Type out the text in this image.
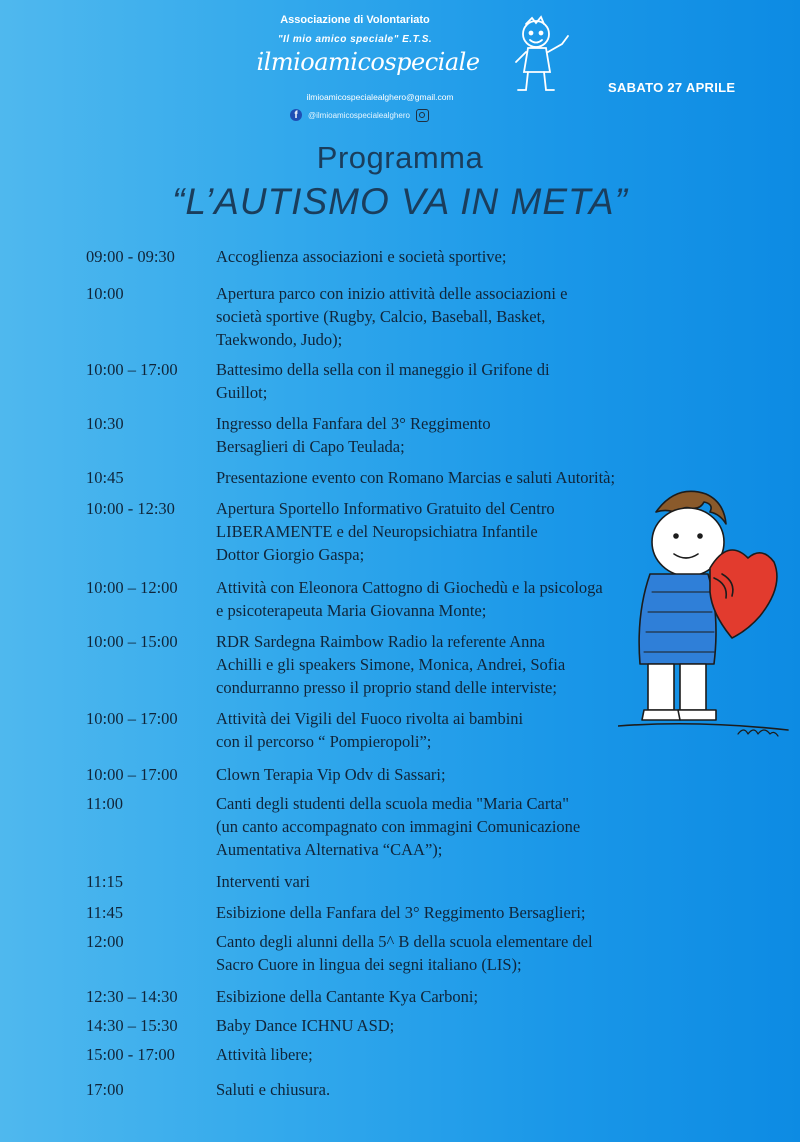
Associazione di Volontariato
"Il mio amico speciale" E.T.S.
ilmioamicospeciale
ilmioamicospecialealghero@gmail.com
f	@ilmioamicospecialealghero
SABATO 27 APRILE
Programma
“L’AUTISMO VA IN META”
09:00 - 09:30 Accoglienza associazioni e società sportive;
10:00	Apertura parco con inizio attività delle associazioni e
società sportive (Rugby, Calcio, Baseball, Basket,
Taekwondo, Judo);
10:00 – 17:00 Battesimo della sella con il maneggio il Grifone di
Guillot;
10:30	Ingresso della Fanfara del 3° Reggimento
Bersaglieri di Capo Teulada;
10:45	Presentazione evento con Romano Marcias e saluti Autorità;
10:00 - 12:30 Apertura Sportello Informativo Gratuito del Centro
LIBERAMENTE e del Neuropsichiatra Infantile
Dottor Giorgio Gaspa;
10:00 – 12:00 Attività con Eleonora Cattogno di Giochedù e la psicologa
e psicoterapeuta Maria Giovanna Monte;
10:00 – 15:00 RDR Sardegna Raimbow Radio la referente Anna
Achilli e gli speakers Simone, Monica, Andrei, Sofia
condurranno presso il proprio stand delle interviste;
10:00 – 17:00 Attività dei Vigili del Fuoco rivolta ai bambini
con il percorso “ Pompieropoli”;
10:00 – 17:00 Clown Terapia Vip Odv di Sassari;
11:00	Canti degli studenti della scuola media "Maria Carta"
(un canto accompagnato con immagini Comunicazione
Aumentativa Alternativa “CAA”);
11:15	Interventi vari
11:45	Esibizione della Fanfara del 3° Reggimento Bersaglieri;
12:00	Canto degli alunni della 5^ B della scuola elementare del
Sacro Cuore in lingua dei segni italiano (LIS);
12:30 – 14:30 Esibizione della Cantante Kya Carboni;
14:30 – 15:30 Baby Dance ICHNU ASD;
15:00 - 17:00 Attività libere;
17:00	Saluti e chiusura.
